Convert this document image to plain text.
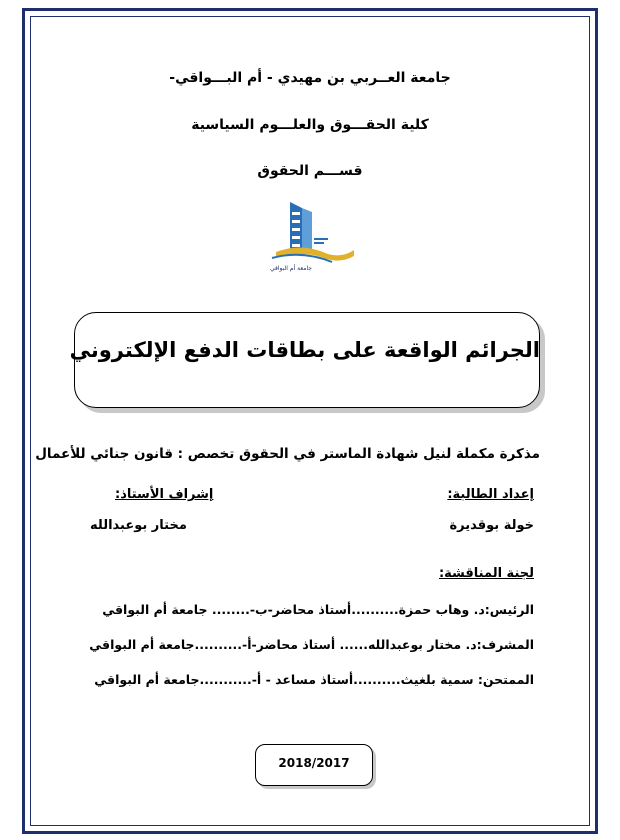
جامعة العــربي بن مهيدي - أم البـــواقي-
كلية الحقـــوق والعلـــوم السياسية
قســـم الحقوق
جامعة أم البواقي
الجرائم الواقعة على بطاقات الدفع الإلكتروني
مذكرة مكملة لنيل شهادة الماستر في الحقوق تخصص : قانون جنائي للأعمال
إعداد الطالبة:
إشراف الأستاذ:
خولة بوقديرة
مختار بوعبدالله
لجنة المناقشة:
الرئيس:د. وهاب حمزة..........أستاذ محاضر-ب-........ جامعة أم البواقي
المشرف:د. مختار بوعبدالله...... أستاذ محاضر-أ-..........جامعة أم البواقي
الممتحن: سمية بلغيث..........أستاذ مساعد - أ-...........جامعة أم البواقي
2018/2017
